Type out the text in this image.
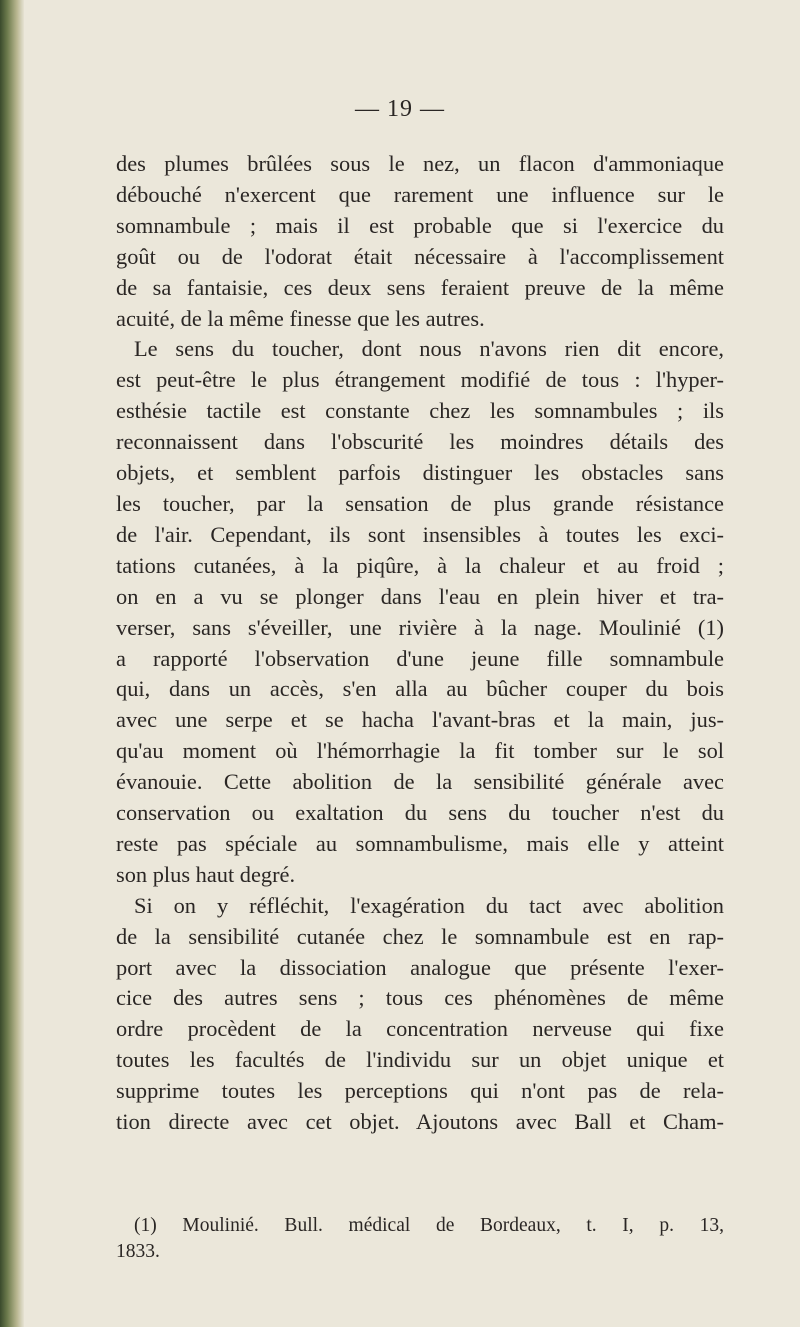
— 19 —
des plumes brûlées sous le nez, un flacon d'ammoniaque
débouché n'exercent que rarement une influence sur le
somnambule ; mais il est probable que si l'exercice du
goût ou de l'odorat était nécessaire à l'accomplissement
de sa fantaisie, ces deux sens feraient preuve de la même
acuité, de la même finesse que les autres.
Le sens du toucher, dont nous n'avons rien dit encore,
est peut-être le plus étrangement modifié de tous : l'hyper-
esthésie tactile est constante chez les somnambules ; ils
reconnaissent dans l'obscurité les moindres détails des
objets, et semblent parfois distinguer les obstacles sans
les toucher, par la sensation de plus grande résistance
de l'air. Cependant, ils sont insensibles à toutes les exci-
tations cutanées, à la piqûre, à la chaleur et au froid ;
on en a vu se plonger dans l'eau en plein hiver et tra-
verser, sans s'éveiller, une rivière à la nage. Moulinié (1)
a rapporté l'observation d'une jeune fille somnambule
qui, dans un accès, s'en alla au bûcher couper du bois
avec une serpe et se hacha l'avant-bras et la main, jus-
qu'au moment où l'hémorrhagie la fit tomber sur le sol
évanouie. Cette abolition de la sensibilité générale avec
conservation ou exaltation du sens du toucher n'est du
reste pas spéciale au somnambulisme, mais elle y atteint
son plus haut degré.
Si on y réfléchit, l'exagération du tact avec abolition
de la sensibilité cutanée chez le somnambule est en rap-
port avec la dissociation analogue que présente l'exer-
cice des autres sens ; tous ces phénomènes de même
ordre procèdent de la concentration nerveuse qui fixe
toutes les facultés de l'individu sur un objet unique et
supprime toutes les perceptions qui n'ont pas de rela-
tion directe avec cet objet. Ajoutons avec Ball et Cham-
(1) Moulinié. Bull. médical de Bordeaux, t. I, p. 13,
1833.
